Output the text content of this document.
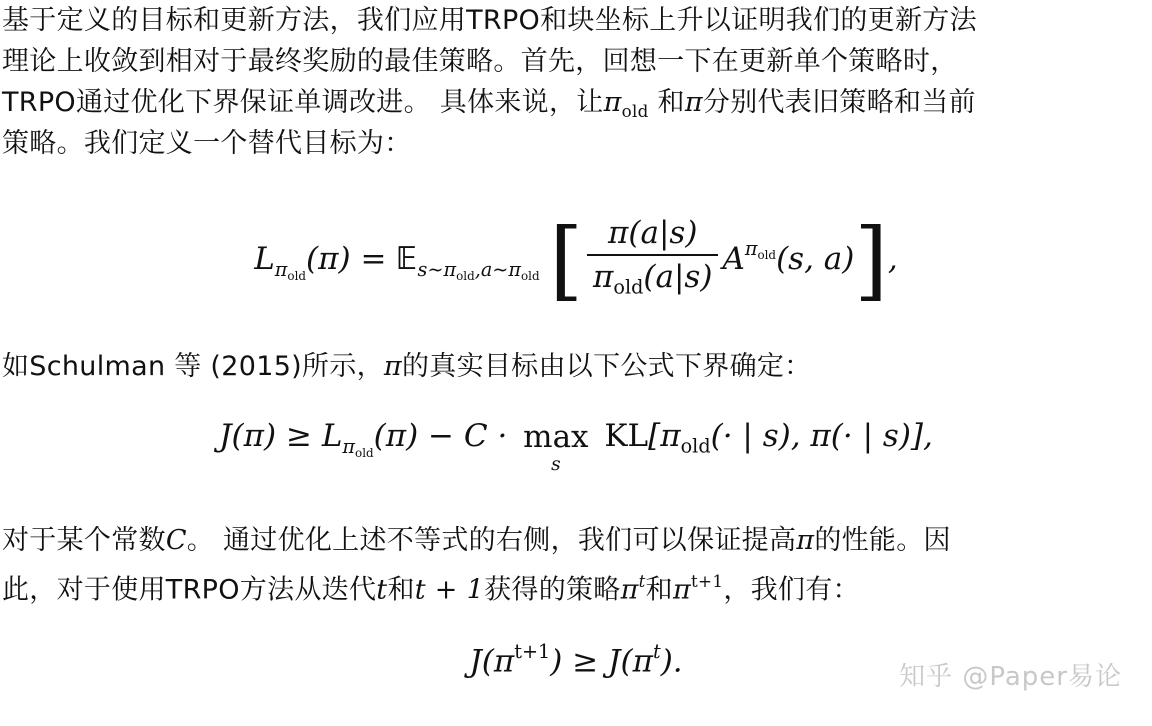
基于定义的目标和更新方法，我们应用TRPO和块坐标上升以证明我们的更新方法
理论上收敛到相对于最终奖励的最佳策略。首先，回想一下在更新单个策略时，
TRPO通过优化下界保证单调改进。 具体来说，让$\pi_{old}$ 和π分别代表旧策略和当前
策略。我们定义一个替代目标为：
$L_{\pi_{old}}(\pi)$ = 𝔼$_{s\sim\pi_{old},a\sim\pi_{old}}$ [ $\frac{\pi(a|s)}{\pi_{old}(a|s)} A^{\pi_{old}}(s$, a)],
如Schulman 等 (2015)所示，π的真实目标由以下公式下界确定：
$J(\pi) \ge L_{\pi_{old}}(\pi) - C \cdot \max$
s
$KL[\pi_{old}(\cdot$ | s), π(· | s)],
对于某个常数C。 通过优化上述不等式的右侧，我们可以保证提高π的性能。因
此，对于使用TRPO方法从迭代t和t + 1获得的策略$\pi^t$和$\pi^{t+1}$，我们有：
$J(\pi^{t+1}) \ge J(\pi^t)$.	知乎 @Paper易论
